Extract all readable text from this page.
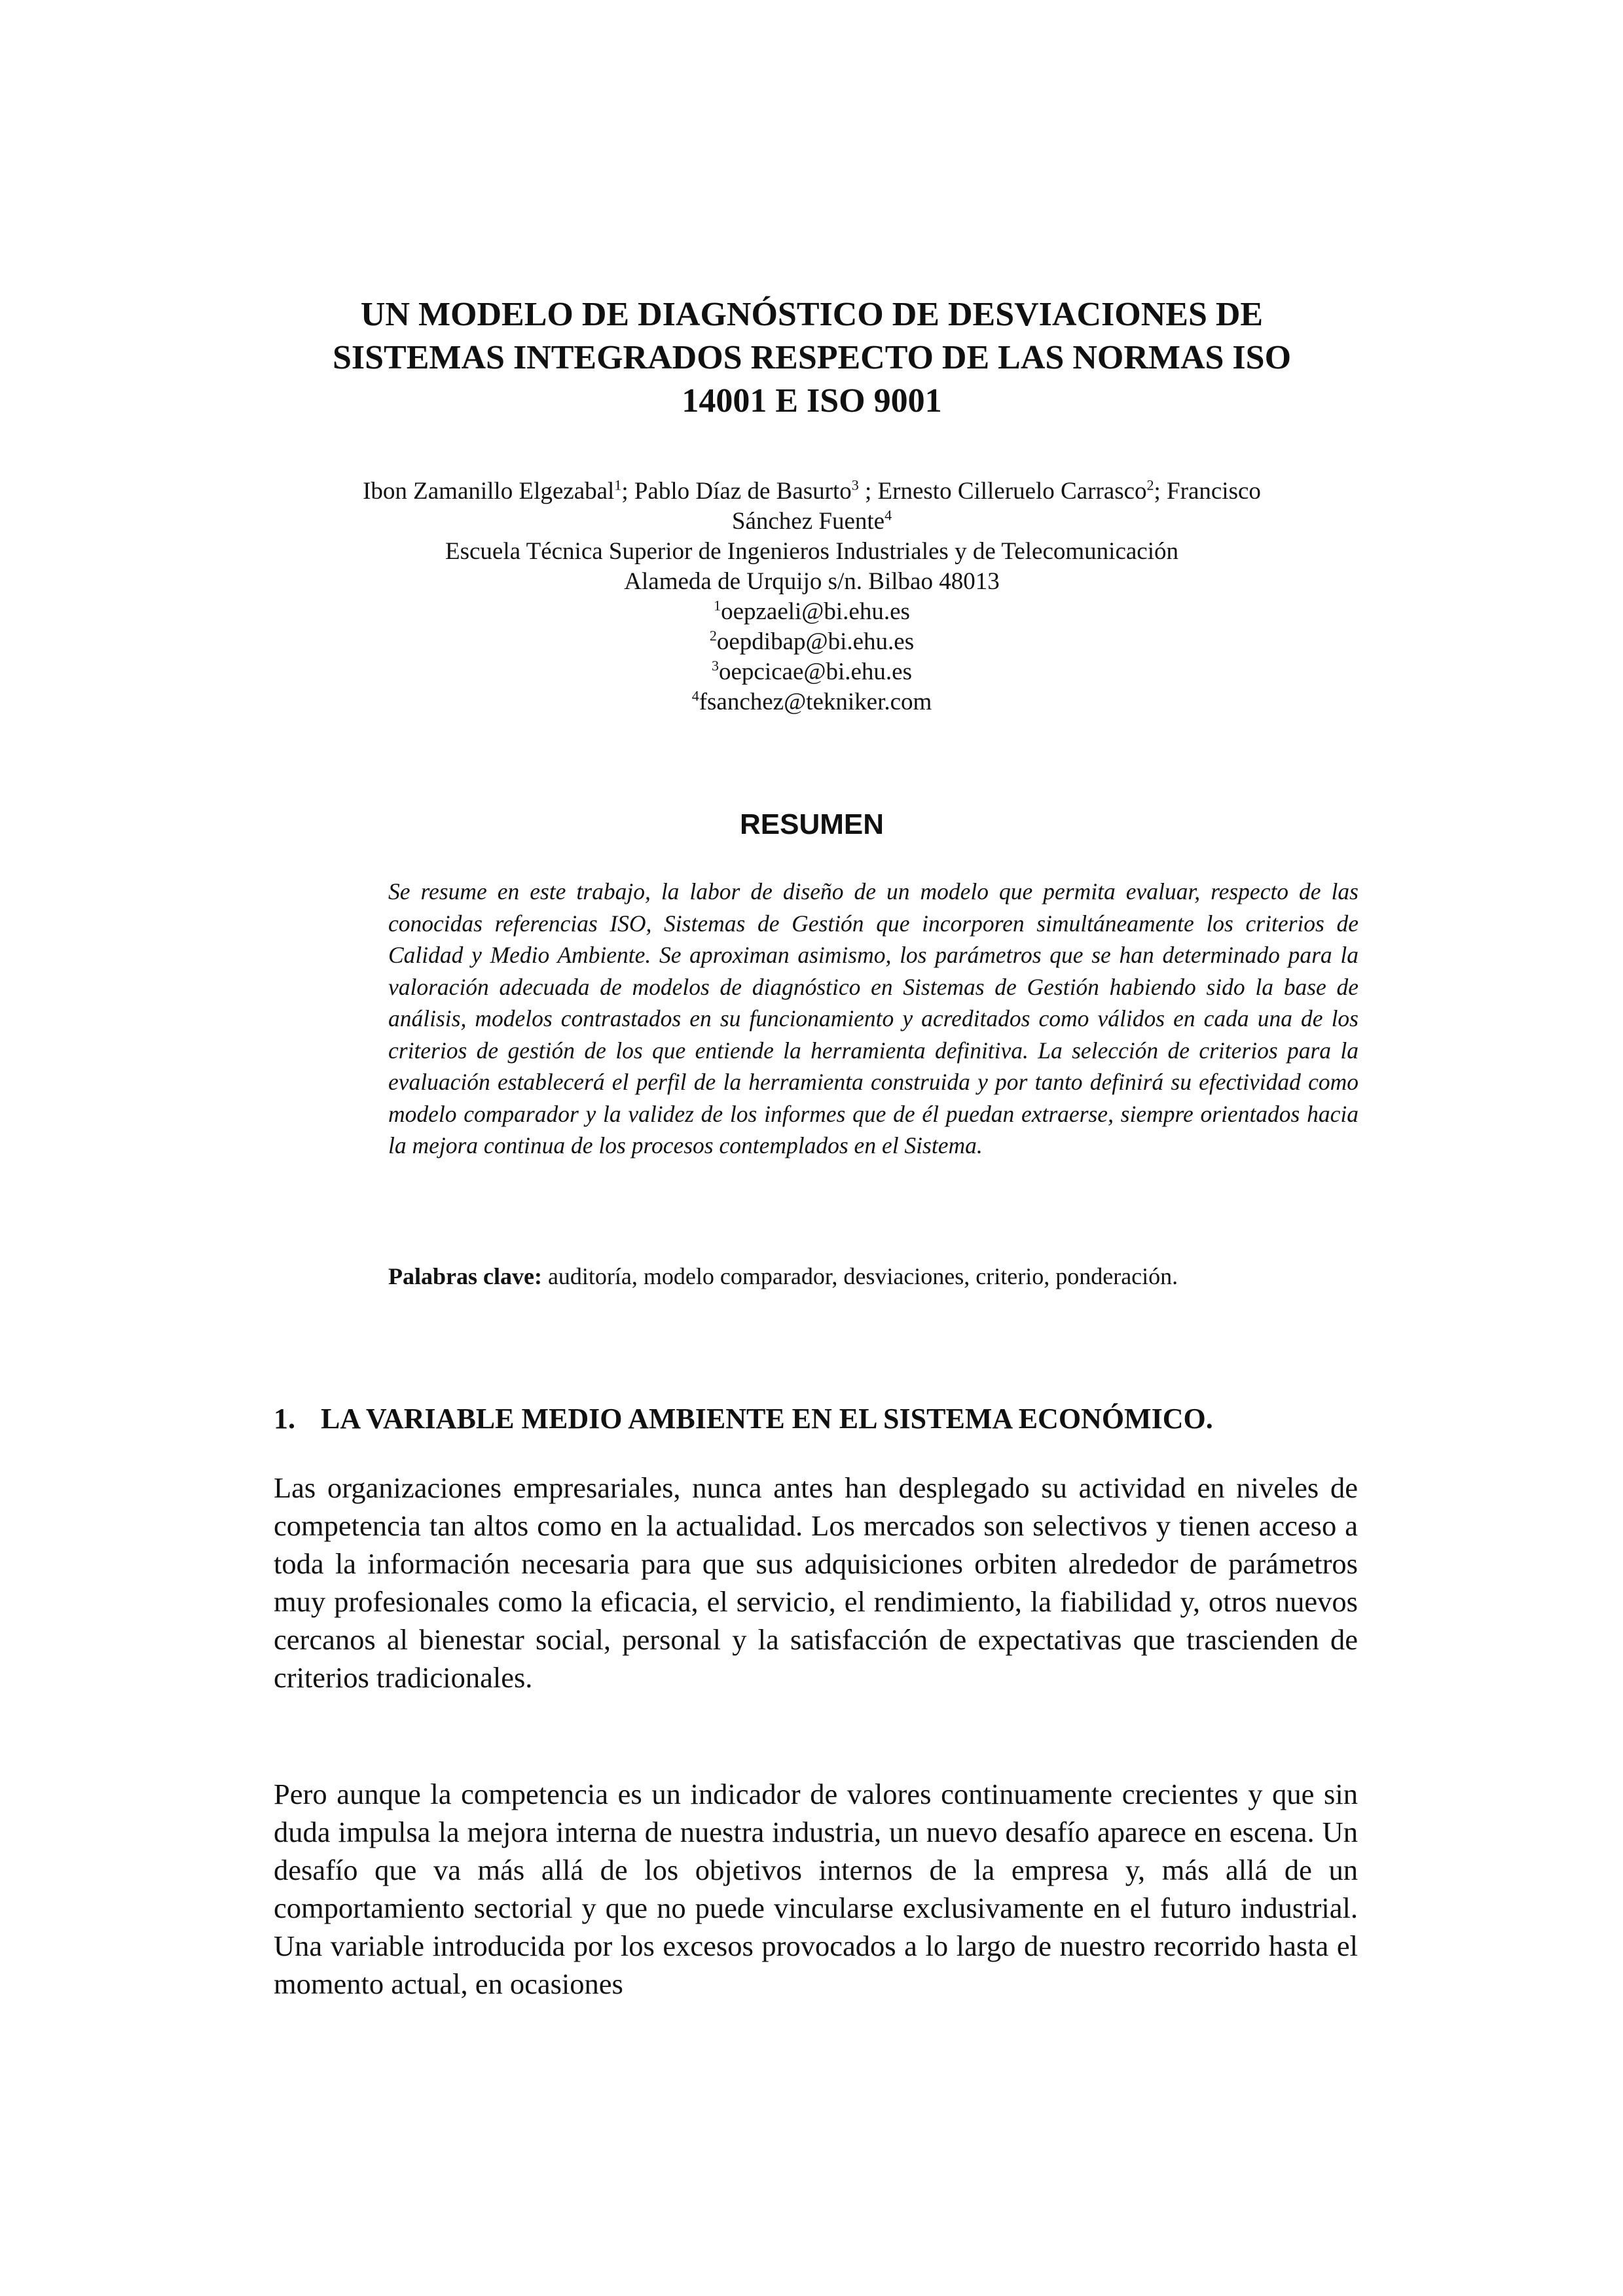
UN MODELO DE DIAGNÓSTICO DE DESVIACIONES DE
SISTEMAS INTEGRADOS RESPECTO DE LAS NORMAS ISO
14001 E ISO 9001
Ibon Zamanillo Elgezabal$^1$; Pablo Díaz de Basurto$^3$ ; Ernesto Cilleruelo Carrasco$^2$; Francisco
Sánchez Fuente$^4$
Escuela Técnica Superior de Ingenieros Industriales y de Telecomunicación
Alameda de Urquijo s/n. Bilbao 48013
$^1$oepzaeli@bi.ehu.es
$^2$oepdibap@bi.ehu.es
$^3$oepcicae@bi.ehu.es
$^4$fsanchez@tekniker.com
RESUMEN

Se resume en este trabajo, la labor de diseño de un modelo que permita evaluar, respecto de las conocidas referencias ISO, Sistemas de Gestión que incorporen simultáneamente los criterios de Calidad y Medio Ambiente. Se aproximan asimismo, los parámetros que se han determinado para la valoración adecuada de modelos de diagnóstico en Sistemas de Gestión habiendo sido la base de análisis, modelos contrastados en su funcionamiento y acreditados como válidos en cada una de los criterios de gestión de los que entiende la herramienta definitiva. La selección de criterios para la evaluación establecerá el perfil de la herramienta construida y por tanto definirá su efectividad como modelo comparador y la validez de los informes que de él puedan extraerse, siempre orientados hacia la mejora continua de los procesos contemplados en el Sistema.

Palabras clave: auditoría, modelo comparador, desviaciones, criterio, ponderación.

1. LA VARIABLE MEDIO AMBIENTE EN EL SISTEMA ECONÓMICO.

Las organizaciones empresariales, nunca antes han desplegado su actividad en niveles de competencia tan altos como en la actualidad. Los mercados son selectivos y tienen acceso a toda la información necesaria para que sus adquisiciones orbiten alrededor de parámetros muy profesionales como la eficacia, el servicio, el rendimiento, la fiabilidad y, otros nuevos cercanos al bienestar social, personal y la satisfacción de expectativas que trascienden de criterios tradicionales.

Pero aunque la competencia es un indicador de valores continuamente crecientes y que sin duda impulsa la mejora interna de nuestra industria, un nuevo desafío aparece en escena. Un desafío que va más allá de los objetivos internos de la empresa y, más allá de un comportamiento sectorial y que no puede vincularse exclusivamente en el futuro industrial. Una variable introducida por los excesos provocados a lo largo de nuestro recorrido hasta el momento actual, en ocasiones
